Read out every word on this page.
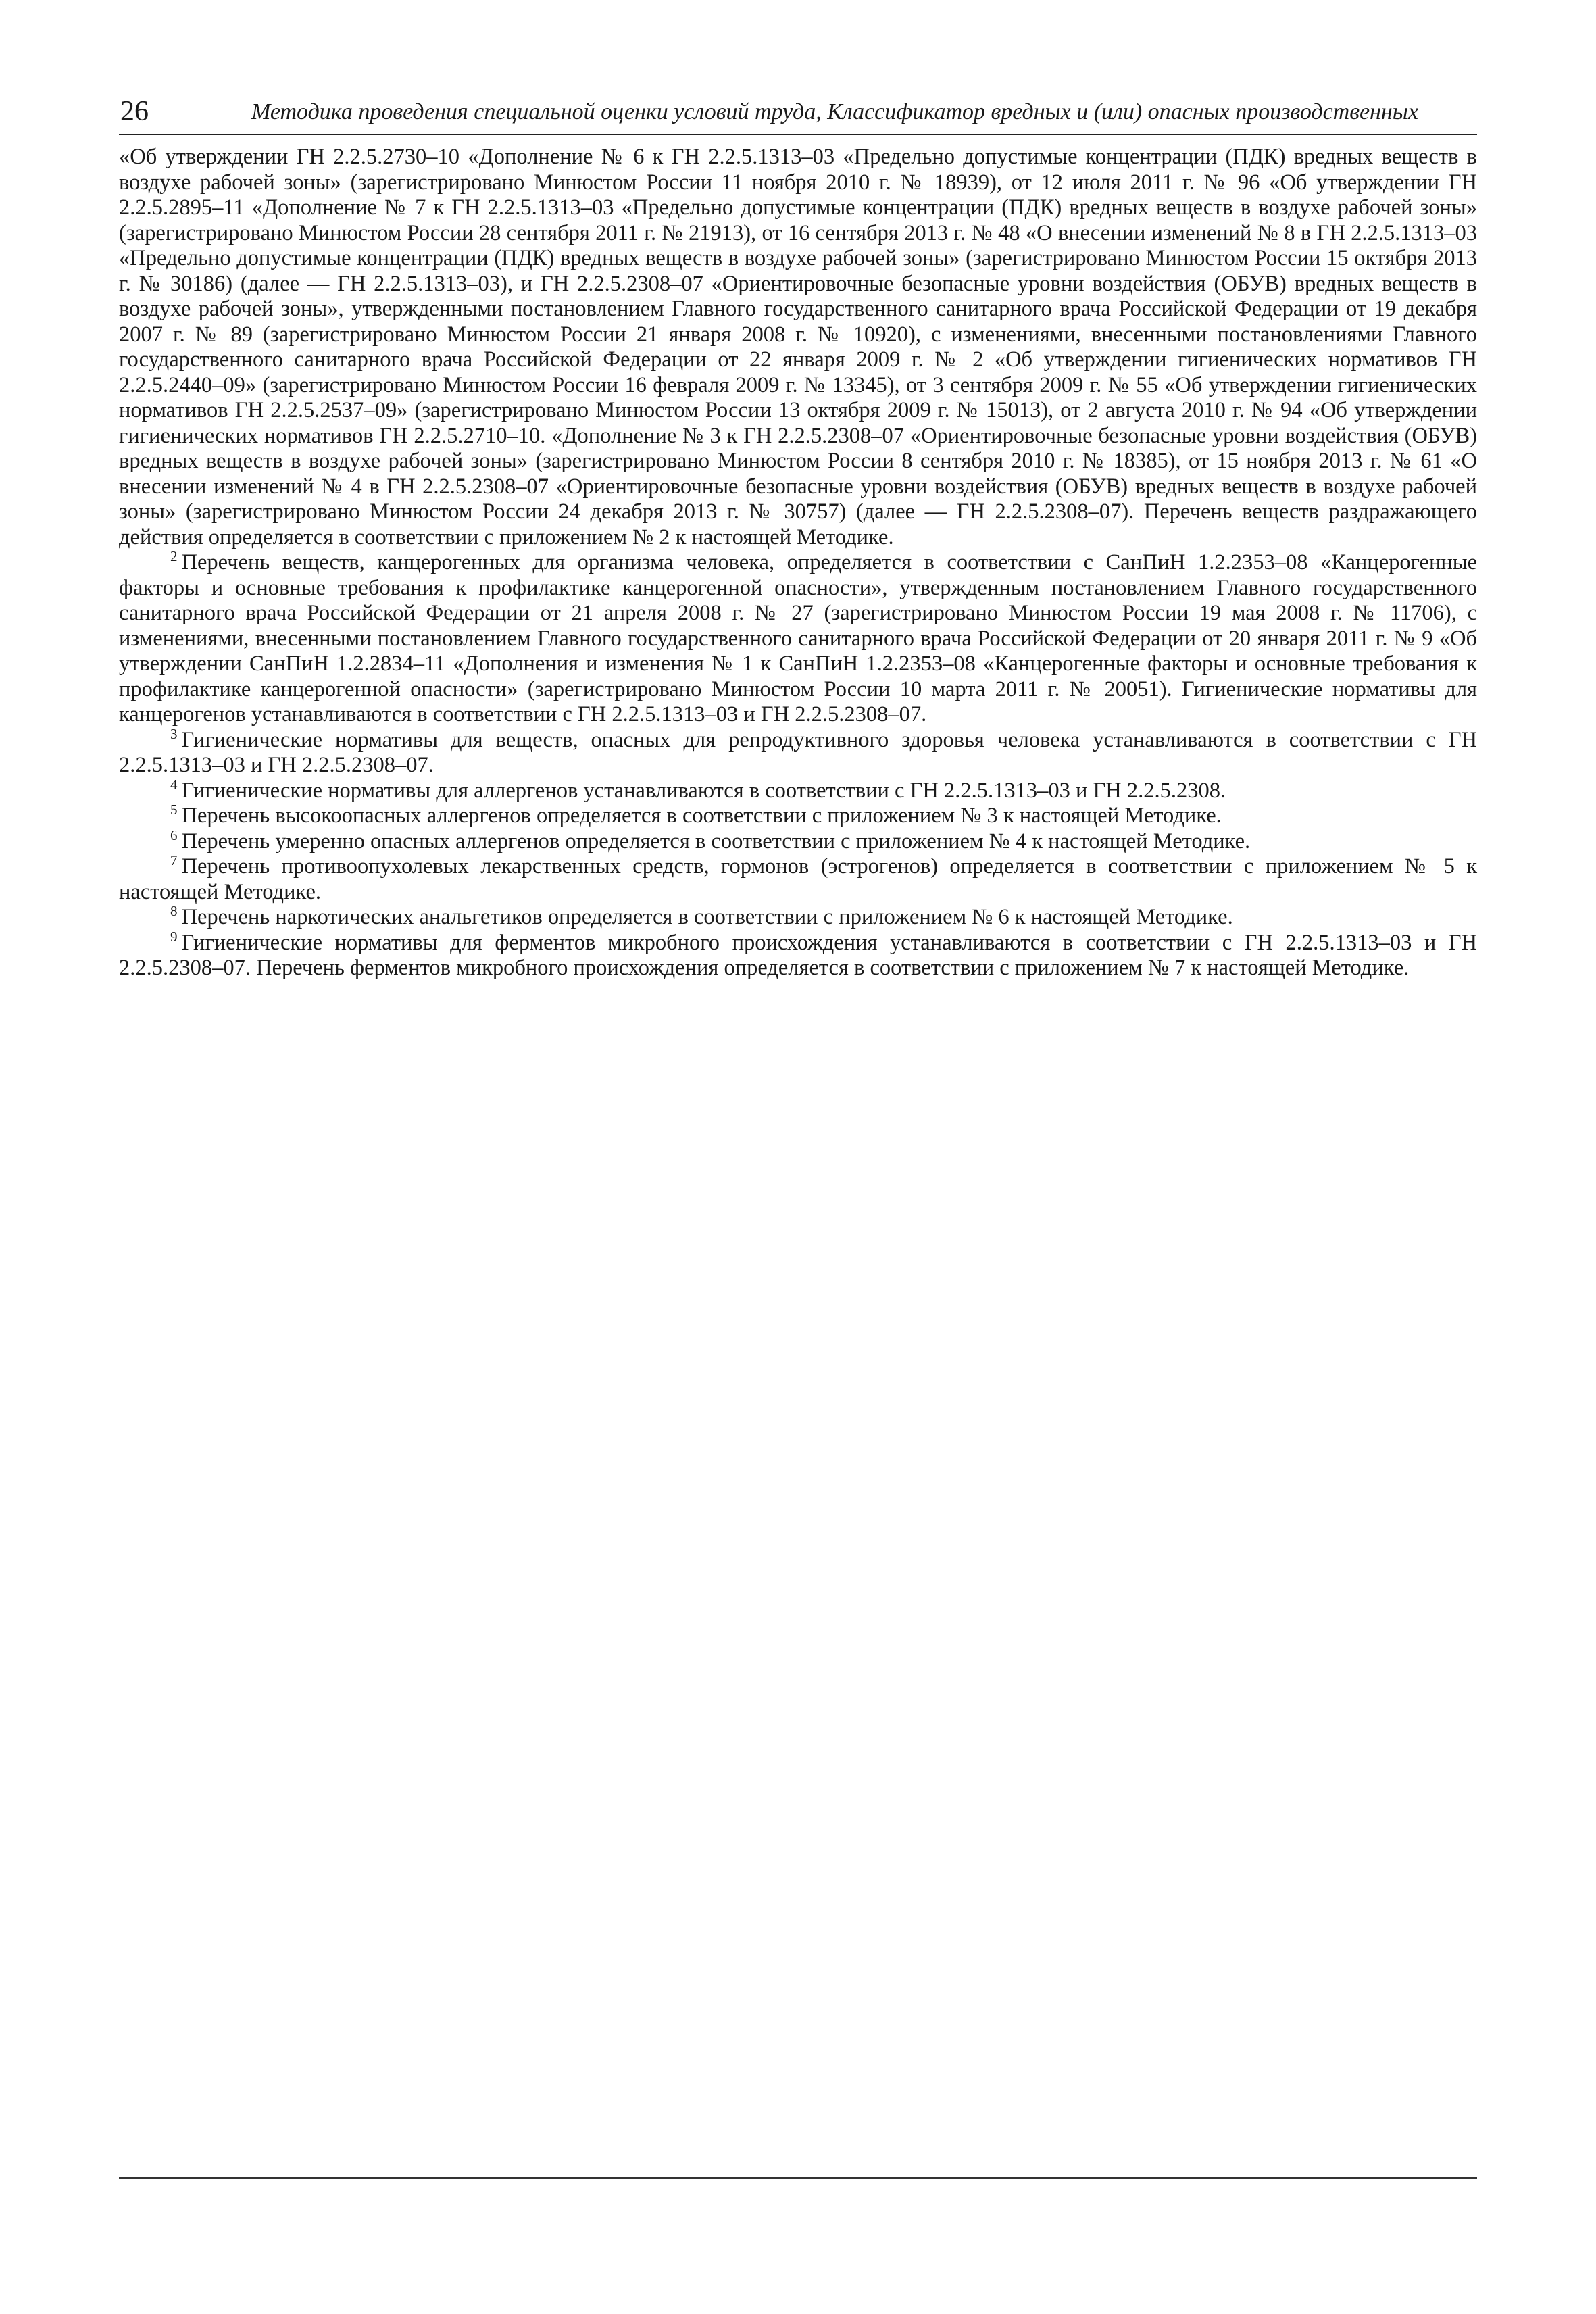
26	Методика проведения специальной оценки условий труда, Классификатор вредных и (или) опасных производственных

«Об утверждении ГН 2.2.5.2730–10 «Дополнение № 6 к ГН 2.2.5.1313–03 «Предельно допустимые концентрации (ПДК) вредных веществ в воздухе рабочей зоны» (зарегистрировано Минюстом России 11 ноября 2010 г. № 18939), от 12 июля 2011 г. № 96 «Об утверждении ГН 2.2.5.2895–11 «Дополнение № 7 к ГН 2.2.5.1313–03 «Предельно допустимые концентрации (ПДК) вредных веществ в воздухе рабочей зоны» (зарегистрировано Минюстом России 28 сентября 2011 г. № 21913), от 16 сентября 2013 г. № 48 «О внесении изменений № 8 в ГН 2.2.5.1313–03 «Предельно допустимые концентрации (ПДК) вредных веществ в воздухе рабочей зоны» (зарегистрировано Минюстом России 15 октября 2013 г. № 30186) (далее — ГН 2.2.5.1313–03), и ГН 2.2.5.2308–07 «Ориентировочные безопасные уровни воздействия (ОБУВ) вредных веществ в воздухе рабочей зоны», утвержденными постановлением Главного государственного санитарного врача Российской Федерации от 19 декабря 2007 г. № 89 (зарегистрировано Минюстом России 21 января 2008 г. № 10920), с изменениями, внесенными постановлениями Главного государственного санитарного врача Российской Федерации от 22 января 2009 г. № 2 «Об утверждении гигиенических нормативов ГН 2.2.5.2440–09» (зарегистрировано Минюстом России 16 февраля 2009 г. № 13345), от 3 сентября 2009 г. № 55 «Об утверждении гигиенических нормативов ГН 2.2.5.2537–09» (зарегистрировано Минюстом России 13 октября 2009 г. № 15013), от 2 августа 2010 г. № 94 «Об утверждении гигиенических нормативов ГН 2.2.5.2710–10. «Дополнение № 3 к ГН 2.2.5.2308–07 «Ориентировочные безопасные уровни воздействия (ОБУВ) вредных веществ в воздухе рабочей зоны» (зарегистрировано Минюстом России 8 сентября 2010 г. № 18385), от 15 ноября 2013 г. № 61 «О внесении изменений № 4 в ГН 2.2.5.2308–07 «Ориентировочные безопасные уровни воздействия (ОБУВ) вредных веществ в воздухе рабочей зоны» (зарегистрировано Минюстом России 24 декабря 2013 г. № 30757) (далее — ГН 2.2.5.2308–07). Перечень веществ раздражающего действия определяется в соответствии с приложением № 2 к настоящей Методике.

$^2$ Перечень веществ, канцерогенных для организма человека, определяется в соответствии с СанПиН 1.2.2353–08 «Канцерогенные факторы и основные требования к профилактике канцерогенной опасности», утвержденным постановлением Главного государственного санитарного врача Российской Федерации от 21 апреля 2008 г. № 27 (зарегистрировано Минюстом России 19 мая 2008 г. № 11706), с изменениями, внесенными постановлением Главного государственного санитарного врача Российской Федерации от 20 января 2011 г. № 9 «Об утверждении СанПиН 1.2.2834–11 «Дополнения и изменения № 1 к СанПиН 1.2.2353–08 «Канцерогенные факторы и основные требования к профилактике канцерогенной опасности» (зарегистрировано Минюстом России 10 марта 2011 г. № 20051). Гигиенические нормативы для канцерогенов устанавливаются в соответствии с ГН 2.2.5.1313–03 и ГН 2.2.5.2308–07.

$^3$ Гигиенические нормативы для веществ, опасных для репродуктивного здоровья человека устанавливаются в соответствии с ГН 2.2.5.1313–03 и ГН 2.2.5.2308–07.

$^4$ Гигиенические нормативы для аллергенов устанавливаются в соответствии с ГН 2.2.5.1313–03 и ГН 2.2.5.2308.

$^5$ Перечень высокоопасных аллергенов определяется в соответствии с приложением № 3 к настоящей Методике.

$^6$ Перечень умеренно опасных аллергенов определяется в соответствии с приложением № 4 к настоящей Методике.

$^7$ Перечень противоопухолевых лекарственных средств, гормонов (эстрогенов) определяется в соответствии с приложением № 5 к настоящей Методике.

$^8$ Перечень наркотических анальгетиков определяется в соответствии с приложением № 6 к настоящей Методике.

$^9$ Гигиенические нормативы для ферментов микробного происхождения устанавливаются в соответствии с ГН 2.2.5.1313–03 и ГН 2.2.5.2308–07. Перечень ферментов микробного происхождения определяется в соответствии с приложением № 7 к настоящей Методике.
